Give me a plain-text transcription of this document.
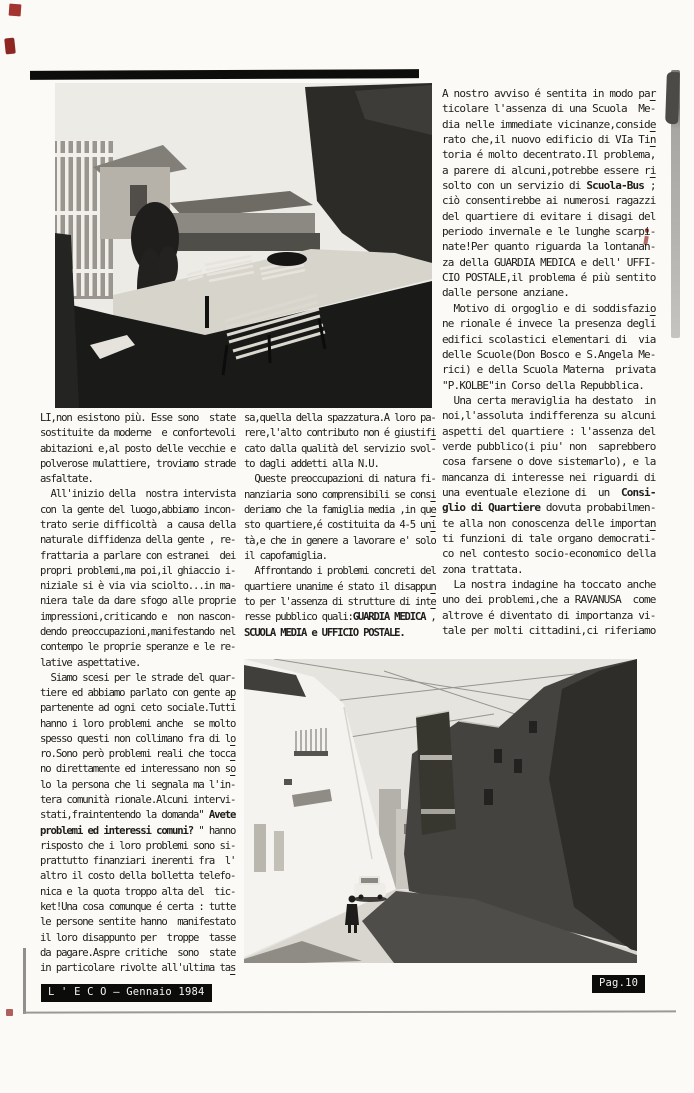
LI,non esistono più. Esse sono  state
sostituite da moderne  e confortevoli
abitazioni e,al posto delle vecchie e
polverose mulattiere, troviamo strade
asfaltate.
All'inizio della  nostra intervista
con la gente del luogo,abbiamo incon-
trato serie difficoltà  a causa della
naturale diffidenza della gente , re-
frattaria a parlare con estranei  dei
propri problemi,ma poi,il ghiaccio i-
niziale si è via via sciolto...in ma-
niera tale da dare sfogo alle proprie
impressioni,criticando e  non nascon-
dendo preoccupazioni,manifestando nel
contempo le proprie speranze e le re-
lative aspettative.
Siamo scesi per le strade del quar-
tiere ed abbiamo parlato con gente ap
partenente ad ogni ceto sociale.Tutti
hanno i loro problemi anche  se molto
spesso questi non collimano fra di lo
ro.Sono però problemi reali che tocca
no direttamente ed interessano non so
lo la persona che li segnala ma l'in-
tera comunità rionale.Alcuni intervi-
stati,fraintentendo la domanda" Avete
problemi ed interessi comuni? " hanno
risposto che i loro problemi sono si-
prattutto finanziari inerenti fra  l'
altro il costo della bolletta telefo-
nica e la quota troppo alta del  tic-
ket!Una cosa comunque é certa : tutte
le persone sentite hanno  manifestato
il loro disappunto per  troppe  tasse
da pagare.Aspre critiche  sono  state
in particolare rivolte all'ultima tas
sa,quella della spazzatura.A loro pa-
rere,l'alto contributo non é giustifi
cato dalla qualità del servizio svol-
to dagli addetti alla N.U.
Queste preoccupazioni di natura fi-
nanziaria sono comprensibili se consi
deriamo che la famiglia media ,in que
sto quartiere,é costituita da 4-5 uni
tà,e che in genere a lavorare e' solo
il capofamiglia.
Affrontando i problemi concreti del
quartiere unanime é stato il disappun
to per l'assenza di strutture di inte
resse pubblico quali:GUARDIA MEDICA ,
SCUOLA MEDIA e UFFICIO POSTALE.
A nostro avviso é sentita in modo par
ticolare l'assenza di una Scuola  Me-
dia nelle immediate vicinanze,conside
rato che,il nuovo edificio di VIa Tin
toria é molto decentrato.Il problema,
a parere di alcuni,potrebbe essere ri
solto con un servizio di Scuola-Bus ;
ciò consentirebbe ai numerosi ragazzi
del quartiere di evitare i disagi del
periodo invernale e le lunghe scarpi-
nate!Per quanto riguarda la lontanan-
za della GUARDIA MEDICA e dell' UFFI-
CIO POSTALE,il problema é più sentito
dalle persone anziane.
Motivo di orgoglio e di soddisfazio
ne rionale é invece la presenza degli
edifici scolastici elementari di  via
delle Scuole(Don Bosco e S.Angela Me-
rici) e della Scuola Materna  privata
"P.KOLBE"in Corso della Repubblica.
Una certa meraviglia ha destato  in
noi,l'assoluta indifferenza su alcuni
aspetti del quartiere : l'assenza del
verde pubblico(i piu' non  saprebbero
cosa farsene o dove sistemarlo), e la
mancanza di interesse nei riguardi di
una eventuale elezione di  un  Consi-
glio di Quartiere dovuta probabilmen-
te alla non conoscenza delle importan
ti funzioni di tale organo democrati-
co nel contesto socio-economico della
zona trattata.
La nostra indagine ha toccato anche
uno dei problemi,che a RAVANUSA  come
altrove é diventato di importanza vi-
tale per molti cittadini,ci riferiamo
L ' E C O – Gennaio 1984
Pag.10
